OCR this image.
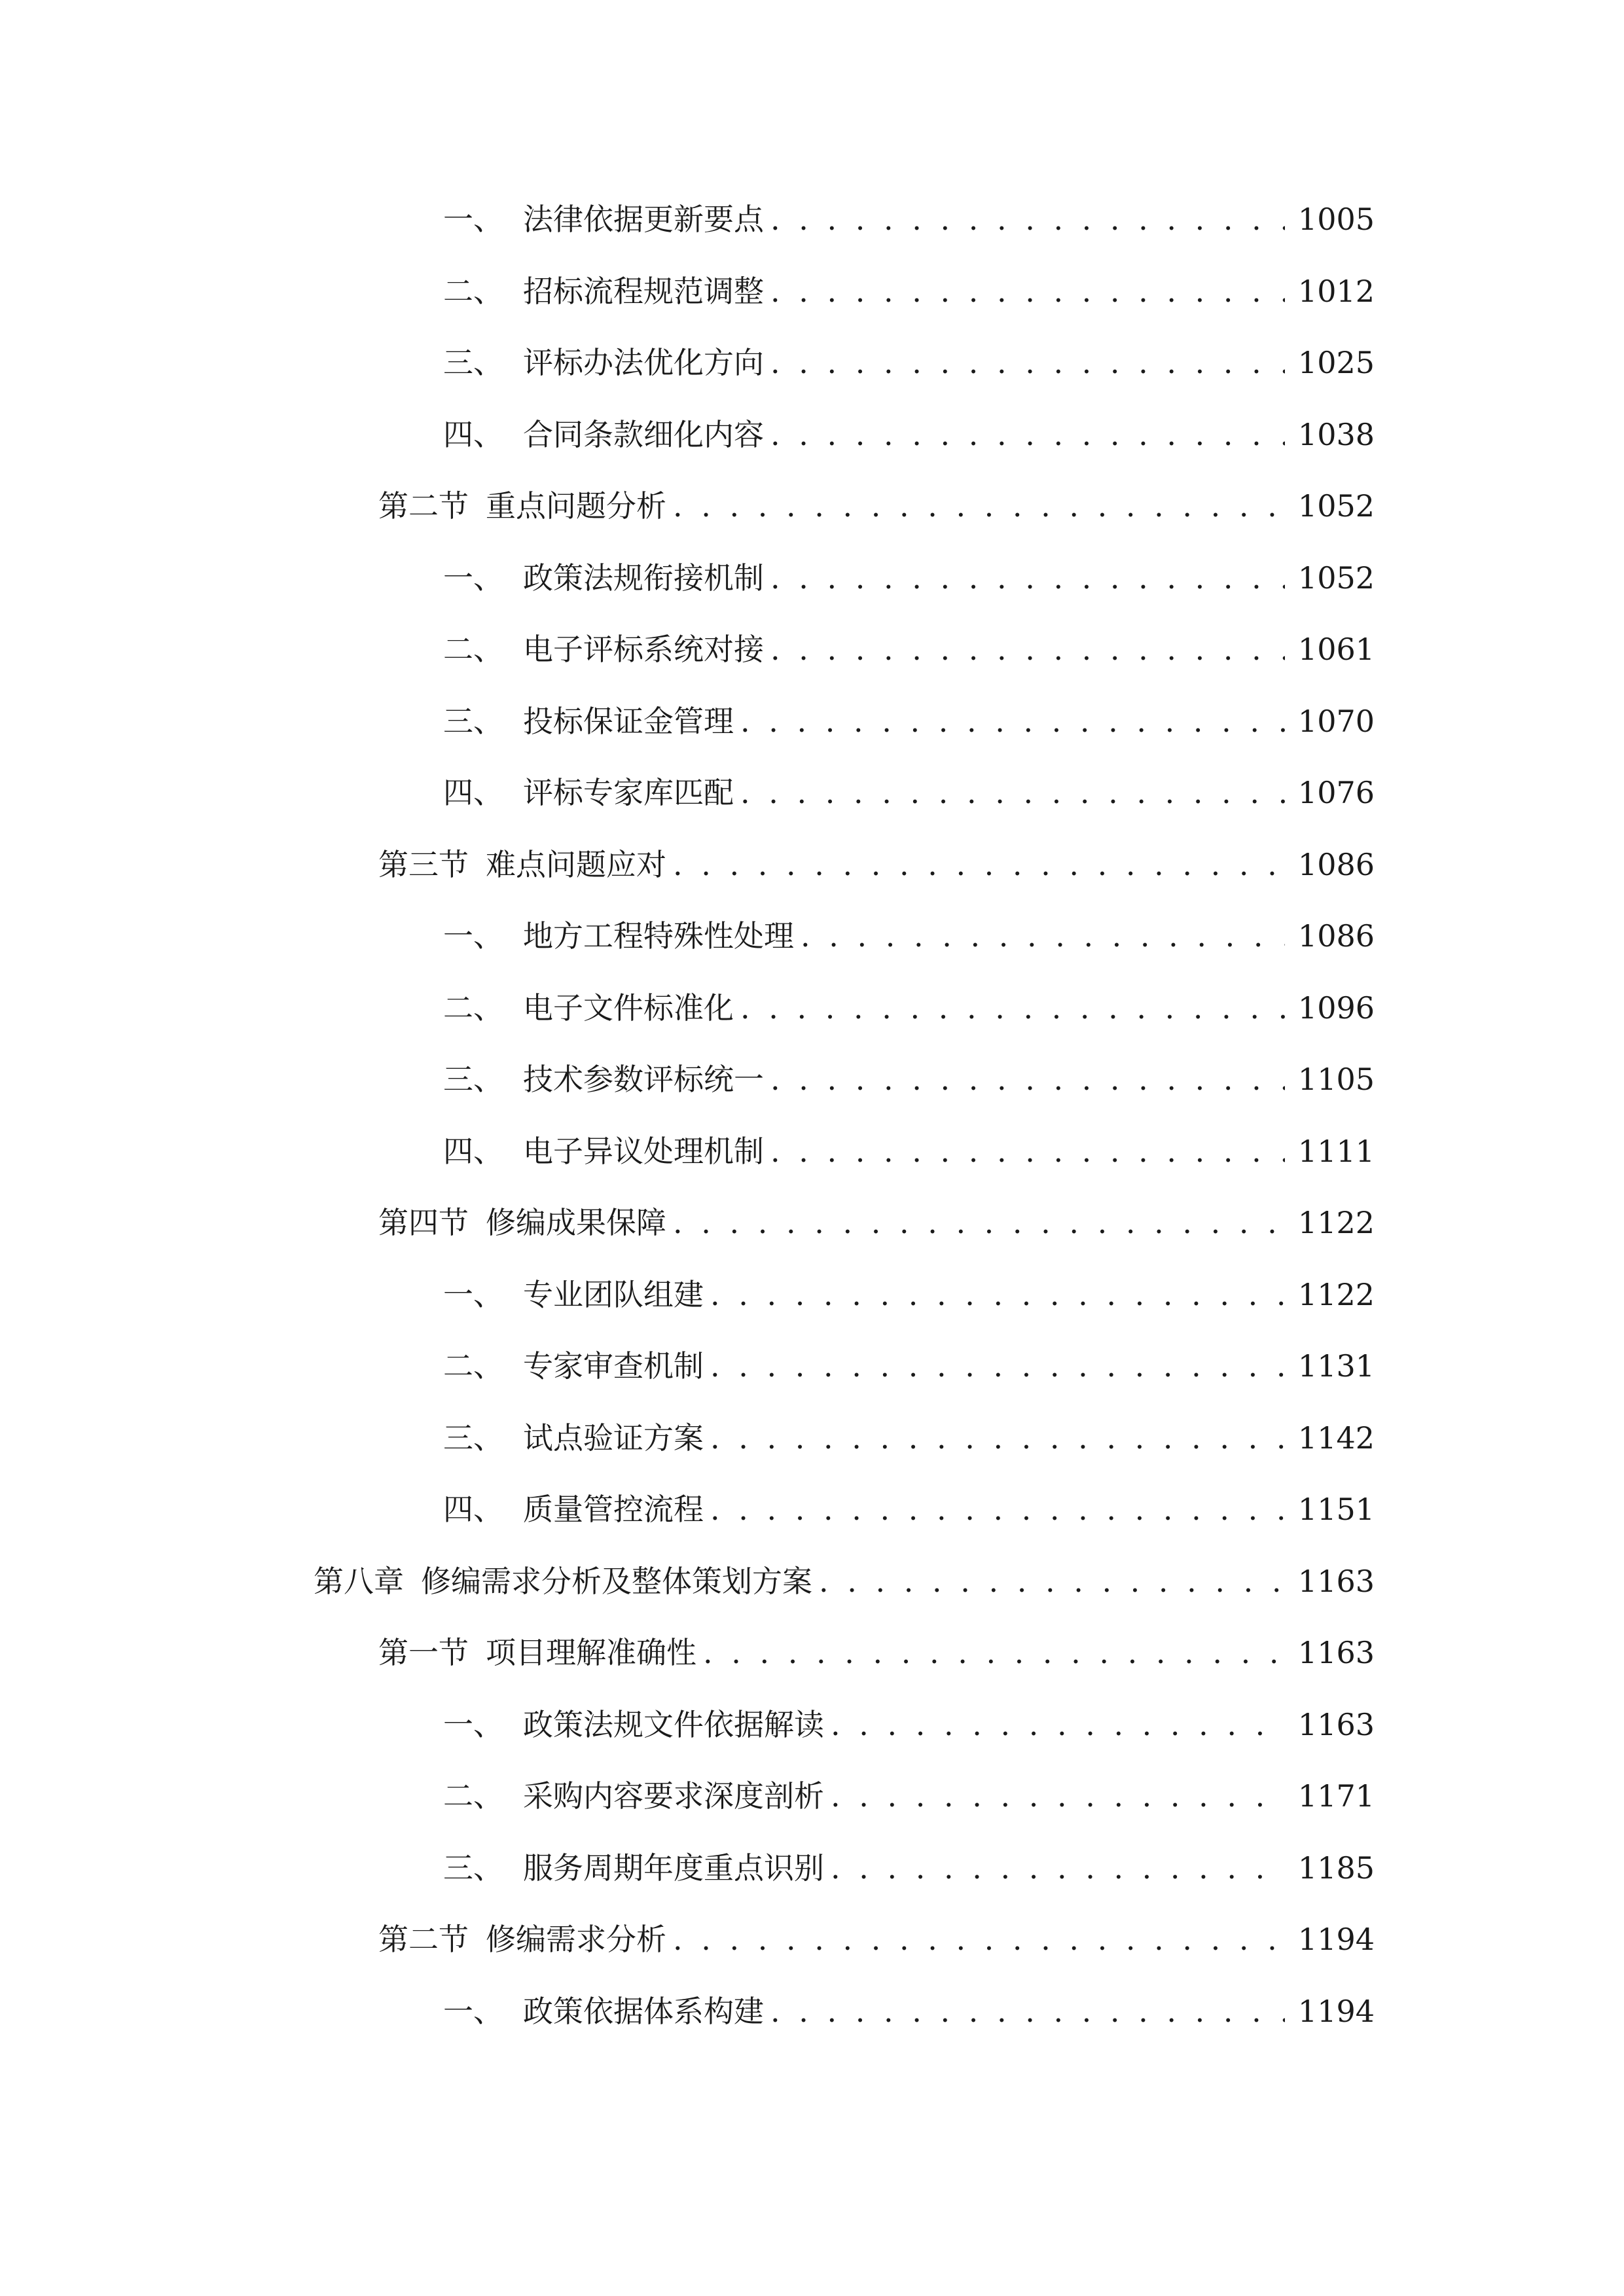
一、 法律依据更新要点 . . .	1005
二、 招标流程规范调整 . . .	1012
三、 评标办法优化方向 . . .	1025
四、 合同条款细化内容 . . .	1038
第二节 重点问题分析 . . .	1052
一、 政策法规衔接机制 . . .	1052
二、 电子评标系统对接 . . .	1061
三、 投标保证金管理 . . .	1070
四、 评标专家库匹配 . . .	1076
第三节 难点问题应对 . . .	1086
一、 地方工程特殊性处理 . . .	1086
二、 电子文件标准化 . . .	1096
三、 技术参数评标统一 . . .	1105
四、 电子异议处理机制 . . .	1111
第四节 修编成果保障 . . .	1122
一、 专业团队组建 . . .	1122
二、 专家审查机制 . . .	1131
三、 试点验证方案 . . .	1142
四、 质量管控流程 . . .	1151
第八章 修编需求分析及整体策划方案 . . .	1163
第一节 项目理解准确性 . . .	1163
一、 政策法规文件依据解读 . . .	1163
二、 采购内容要求深度剖析 . . .	1171
三、 服务周期年度重点识别 . . .	1185
第二节 修编需求分析 . . .	1194
一、 政策依据体系构建 . . .	1194
